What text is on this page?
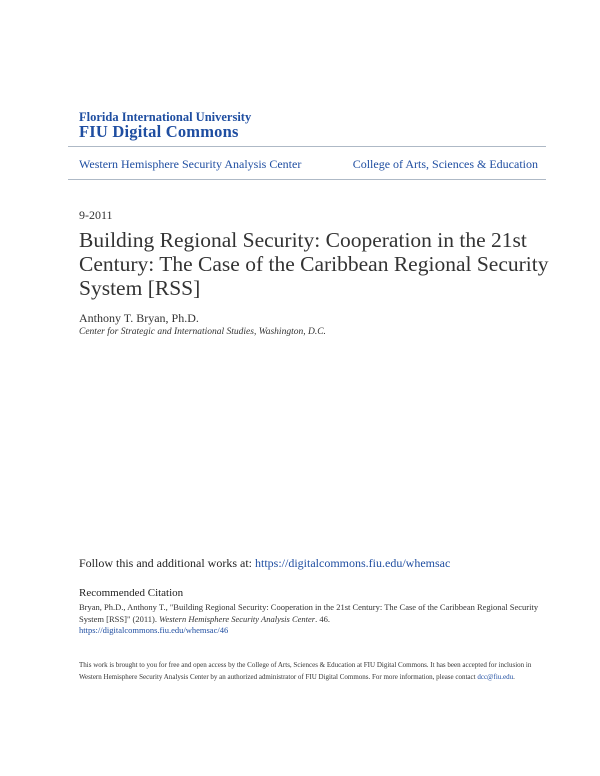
Florida International University
FIU Digital Commons
Western Hemisphere Security Analysis Center	College of Arts, Sciences & Education
9-2011
Building Regional Security: Cooperation in the 21st Century: The Case of the Caribbean Regional Security System [RSS]
Anthony T. Bryan, Ph.D.
Center for Strategic and International Studies, Washington, D.C.
Follow this and additional works at: https://digitalcommons.fiu.edu/whemsac
Recommended Citation
Bryan, Ph.D., Anthony T., "Building Regional Security: Cooperation in the 21st Century: The Case of the Caribbean Regional Security System [RSS]" (2011). Western Hemisphere Security Analysis Center. 46.
https://digitalcommons.fiu.edu/whemsac/46
This work is brought to you for free and open access by the College of Arts, Sciences & Education at FIU Digital Commons. It has been accepted for inclusion in Western Hemisphere Security Analysis Center by an authorized administrator of FIU Digital Commons. For more information, please contact dcc@fiu.edu.
